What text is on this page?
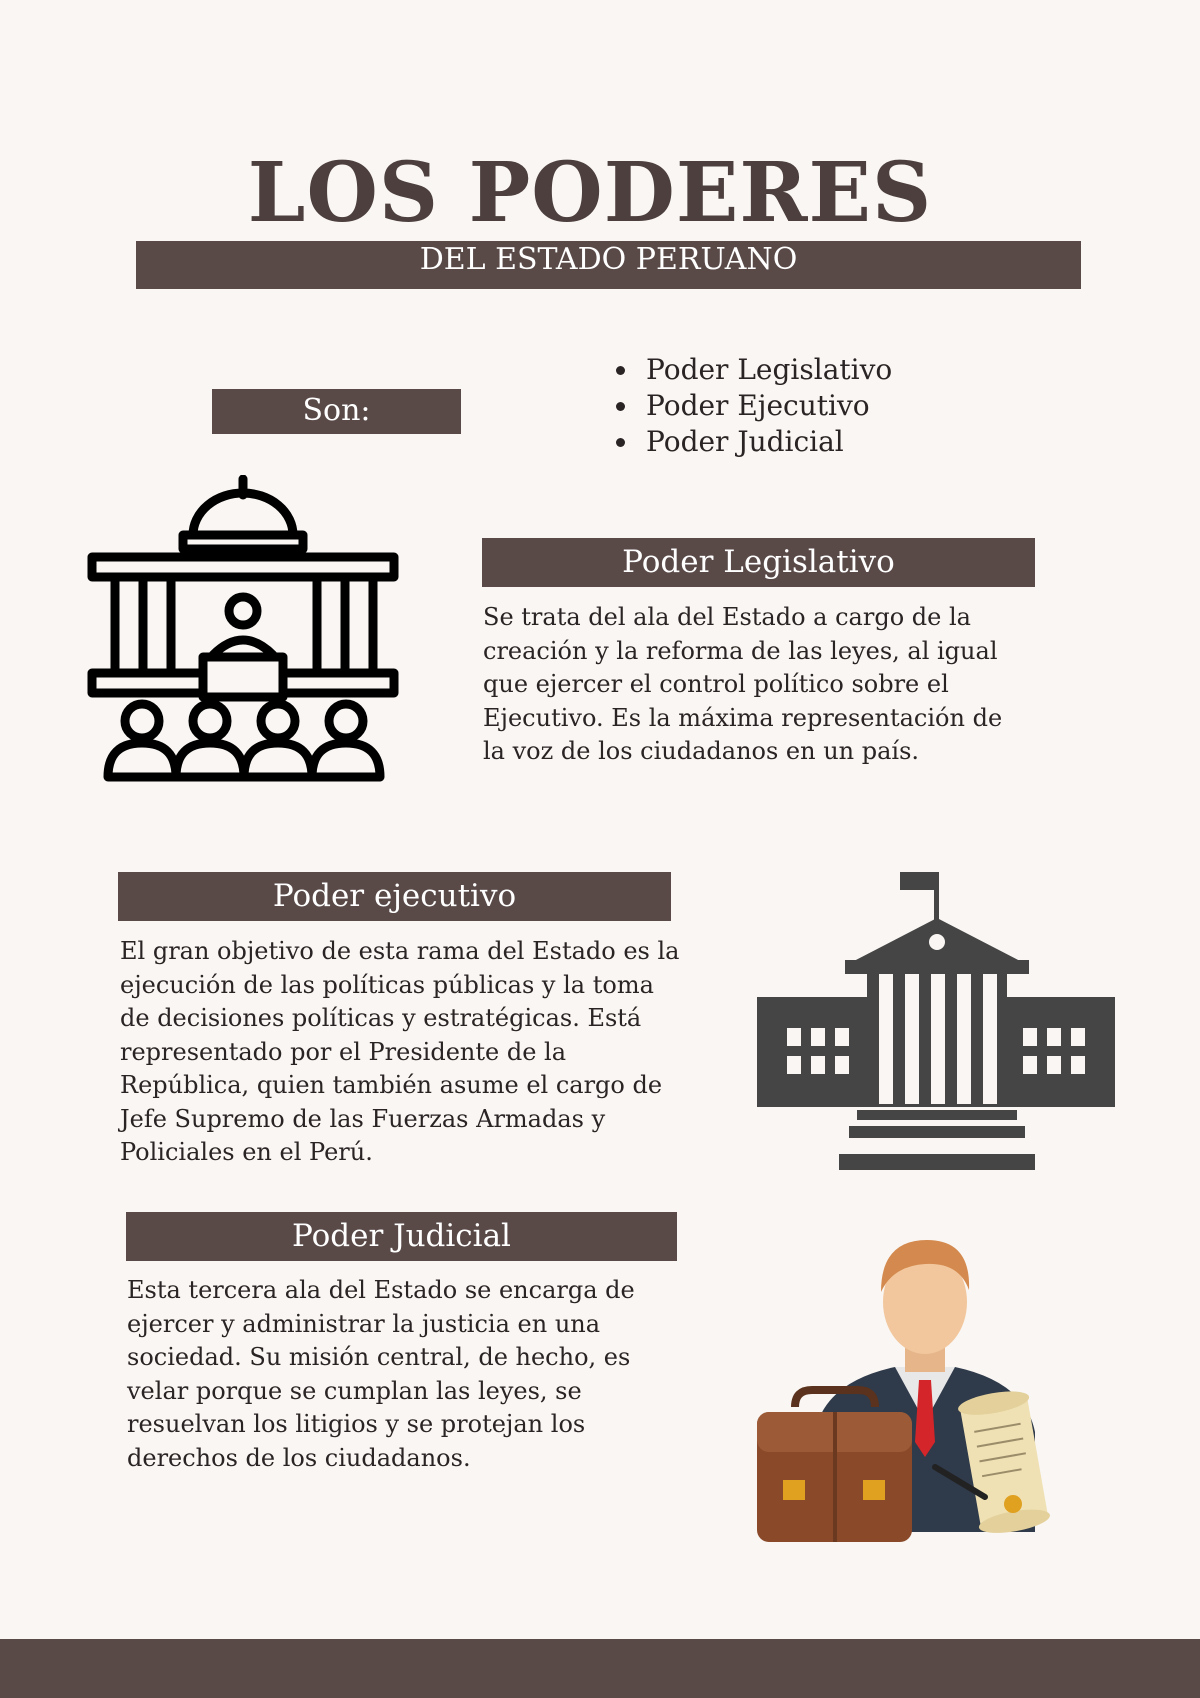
LOS PODERES
DEL ESTADO PERUANO
Son:
• Poder Legislativo
• Poder Ejecutivo
• Poder Judicial
Poder Legislativo
Se trata del ala del Estado a cargo de la creación y la reforma de las leyes, al igual que ejercer el control político sobre el Ejecutivo. Es la máxima representación de la voz de los ciudadanos en un país.
Poder ejecutivo
El gran objetivo de esta rama del Estado es la ejecución de las políticas públicas y la toma de decisiones políticas y estratégicas. Está representado por el Presidente de la República, quien también asume el cargo de Jefe Supremo de las Fuerzas Armadas y Policiales en el Perú.
Poder Judicial
Esta tercera ala del Estado se encarga de ejercer y administrar la justicia en una sociedad. Su misión central, de hecho, es velar porque se cumplan las leyes, se resuelvan los litigios y se protejan los derechos de los ciudadanos.
